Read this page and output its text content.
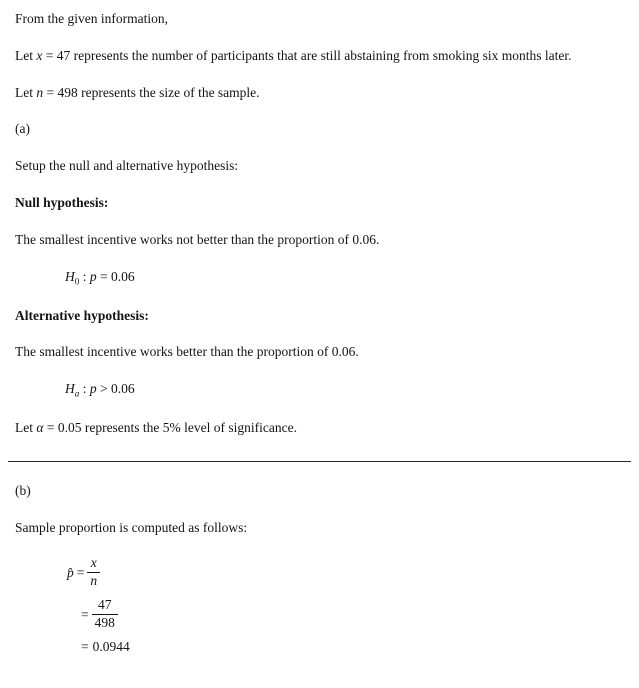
From the given information,

Let x = 47 represents the number of participants that are still abstaining from smoking six months later.

Let n = 498 represents the size of the sample.

(a)

Setup the null and alternative hypothesis:

Null hypothesis:

The smallest incentive works not better than the proportion of 0.06.

$H_0$ : p = 0.06

Alternative hypothesis:

The smallest incentive works better than the proportion of 0.06.

$H_a$ : p > 0.06

Let α = 0.05 represents the 5% level of significance.

(b)

Sample proportion is computed as follows:

p̂ = $\frac{x}{n}$
= $\frac{47}{498}$
= 0.0944
